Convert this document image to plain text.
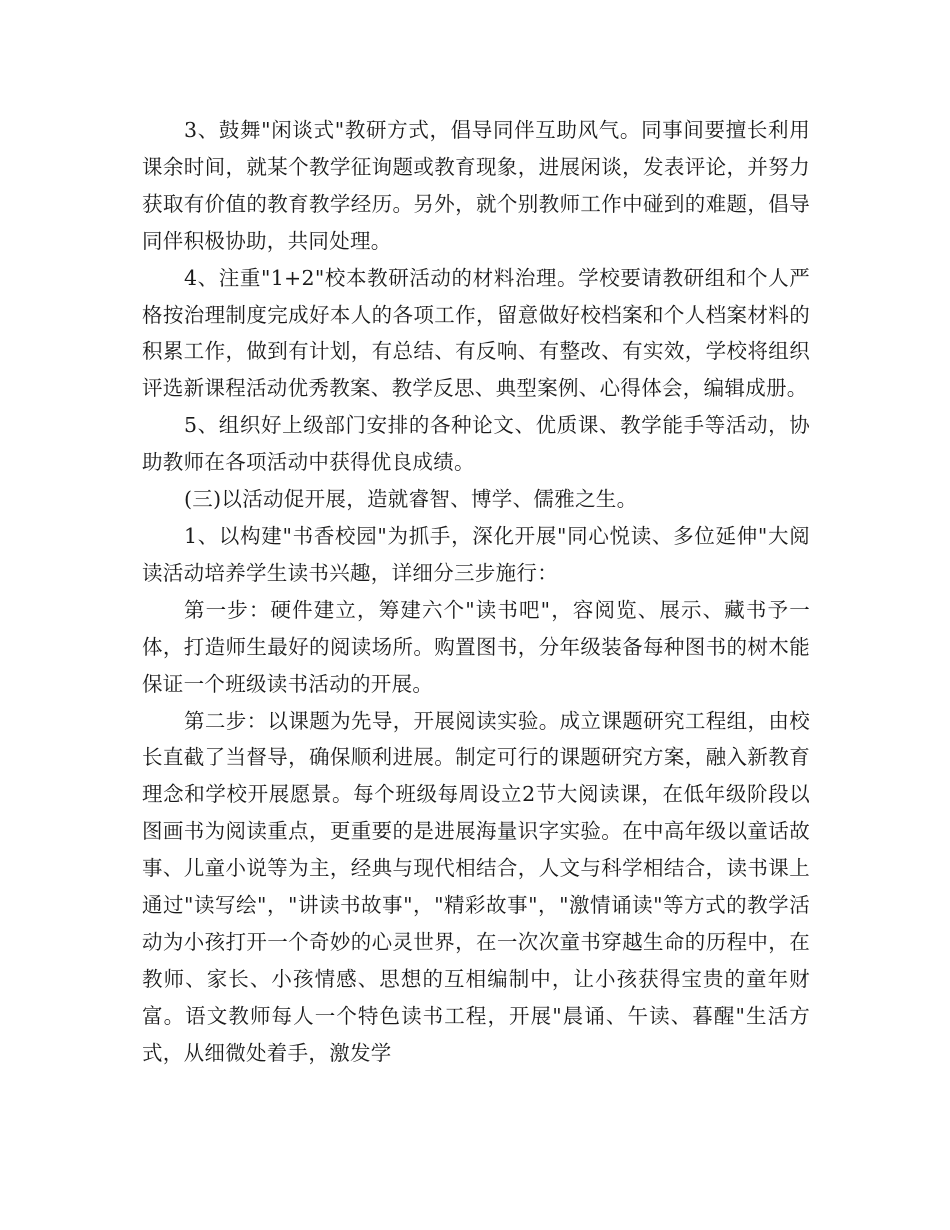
3、鼓舞"闲谈式"教研方式，倡导同伴互助风气。同事间要擅长利用课余时间，就某个教学征询题或教育现象，进展闲谈，发表评论，并努力获取有价值的教育教学经历。另外，就个别教师工作中碰到的难题，倡导同伴积极协助，共同处理。

4、注重"1+2"校本教研活动的材料治理。学校要请教研组和个人严格按治理制度完成好本人的各项工作，留意做好校档案和个人档案材料的积累工作，做到有计划，有总结、有反响、有整改、有实效，学校将组织评选新课程活动优秀教案、教学反思、典型案例、心得体会，编辑成册。

5、组织好上级部门安排的各种论文、优质课、教学能手等活动，协助教师在各项活动中获得优良成绩。

(三)以活动促开展，造就睿智、博学、儒雅之生。

1、以构建"书香校园"为抓手，深化开展"同心悦读、多位延伸"大阅读活动培养学生读书兴趣，详细分三步施行：

第一步：硬件建立，筹建六个"读书吧"，容阅览、展示、藏书予一体，打造师生最好的阅读场所。购置图书，分年级装备每种图书的树木能保证一个班级读书活动的开展。

第二步：以课题为先导，开展阅读实验。成立课题研究工程组，由校长直截了当督导，确保顺利进展。制定可行的课题研究方案，融入新教育理念和学校开展愿景。每个班级每周设立2节大阅读课，在低年级阶段以图画书为阅读重点，更重要的是进展海量识字实验。在中高年级以童话故事、儿童小说等为主，经典与现代相结合，人文与科学相结合，读书课上通过"读写绘"，"讲读书故事"，"精彩故事"，"激情诵读"等方式的教学活动为小孩打开一个奇妙的心灵世界，在一次次童书穿越生命的历程中，在教师、家长、小孩情感、思想的互相编制中，让小孩获得宝贵的童年财富。语文教师每人一个特色读书工程，开展"晨诵、午读、暮醒"生活方式，从细微处着手，激发学
